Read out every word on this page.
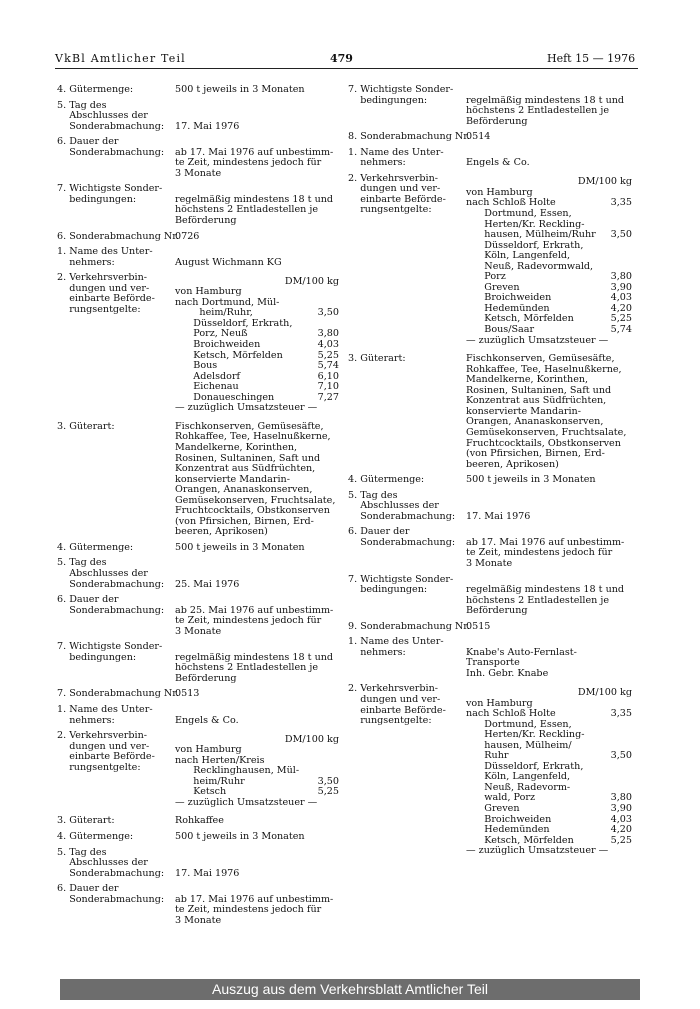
VkBl Amtlicher Teil	479	Heft 15 — 1976
4. Gütermenge:	500 t jeweils in 3 Monaten
5. Tag des
Abschlusses der
Sonderabmachung:

17. Mai 1976
6. Dauer der
Sonderabmachung:
ab 17. Mai 1976 auf unbestimm-
te Zeit, mindestens jedoch für
3 Monate
7. Wichtigste Sonder-
bedingungen:	
regelmäßig mindestens 18 t und
höchstens 2 Entladestellen je
Beförderung
6. Sonderabmachung Nr.
0726
1. Name des Unter-
nehmers:	
August Wichmann KG
2. Verkehrsverbin-
dungen und ver-
einbarte Beförde-
rungsentgelte:
DM/100 kg
von Hamburg
nach Dortmund, Mül-
heim/Ruhr,	3,50
Düsseldorf, Erkrath,
Porz, Neuß	3,80
Broichweiden	4,03
Ketsch, Mörfelden	5,25
Bous	5,74
Adelsdorf	6,10
Eichenau	7,10
Donaueschingen	7,27
— zuzüglich Umsatzsteuer —
3. Güterart:	Fischkonserven, Gemüsesäfte,
Rohkaffee, Tee, Haselnußkerne,
Mandelkerne, Korinthen,
Rosinen, Sultaninen, Saft und
Konzentrat aus Südfrüchten,
konservierte Mandarin-
Orangen, Ananaskonserven,
Gemüsekonserven, Fruchtsalate,
Fruchtcocktails, Obstkonserven
(von Pfirsichen, Birnen, Erd-
beeren, Aprikosen)
4. Gütermenge:	500 t jeweils in 3 Monaten
5. Tag des
Abschlusses der
Sonderabmachung:

25. Mai 1976
6. Dauer der
Sonderabmachung:
ab 25. Mai 1976 auf unbestimm-
te Zeit, mindestens jedoch für
3 Monate
7. Wichtigste Sonder-
bedingungen:	
regelmäßig mindestens 18 t und
höchstens 2 Entladestellen je
Beförderung
7. Sonderabmachung Nr.
0513
1. Name des Unter-
nehmers:	
Engels & Co.
2. Verkehrsverbin-
dungen und ver-
einbarte Beförde-
rungsentgelte:
DM/100 kg
von Hamburg
nach Herten/Kreis
Recklinghausen, Mül-
heim/Ruhr	3,50
Ketsch	5,25
— zuzüglich Umsatzsteuer —
3. Güterart:	Rohkaffee
4. Gütermenge:	500 t jeweils in 3 Monaten
5. Tag des
Abschlusses der
Sonderabmachung:

17. Mai 1976
6. Dauer der
Sonderabmachung:
ab 17. Mai 1976 auf unbestimm-
te Zeit, mindestens jedoch für
3 Monate
7. Wichtigste Sonder-
bedingungen:	
regelmäßig mindestens 18 t und
höchstens 2 Entladestellen je
Beförderung
8. Sonderabmachung Nr.
0514
1. Name des Unter-
nehmers:	
Engels & Co.
2. Verkehrsverbin-
dungen und ver-
einbarte Beförde-
rungsentgelte:
DM/100 kg
von Hamburg
nach Schloß Holte	3,35
Dortmund, Essen,
Herten/Kr. Reckling-
hausen, Mülheim/Ruhr	3,50
Düsseldorf, Erkrath,
Köln, Langenfeld,
Neuß, Radevormwald,
Porz	3,80
Greven	3,90
Broichweiden	4,03
Hedemünden	4,20
Ketsch, Mörfelden	5,25
Bous/Saar	5,74
— zuzüglich Umsatzsteuer —
3. Güterart:	Fischkonserven, Gemüsesäfte,
Rohkaffee, Tee, Haselnußkerne,
Mandelkerne, Korinthen,
Rosinen, Sultaninen, Saft und
Konzentrat aus Südfrüchten,
konservierte Mandarin-
Orangen, Ananaskonserven,
Gemüsekonserven, Fruchtsalate,
Fruchtcocktails, Obstkonserven
(von Pfirsichen, Birnen, Erd-
beeren, Aprikosen)
4. Gütermenge:	500 t jeweils in 3 Monaten
5. Tag des
Abschlusses der
Sonderabmachung:

17. Mai 1976
6. Dauer der
Sonderabmachung:
ab 17. Mai 1976 auf unbestimm-
te Zeit, mindestens jedoch für
3 Monate
7. Wichtigste Sonder-
bedingungen:	
regelmäßig mindestens 18 t und
höchstens 2 Entladestellen je
Beförderung
9. Sonderabmachung Nr.
0515
1. Name des Unter-
nehmers:	
Knabe's Auto-Fernlast-
Transporte
Inh. Gebr. Knabe
2. Verkehrsverbin-
dungen und ver-
einbarte Beförde-
rungsentgelte:
DM/100 kg
von Hamburg
nach Schloß Holte	3,35
Dortmund, Essen,
Herten/Kr. Reckling-
hausen, Mülheim/
Ruhr	3,50
Düsseldorf, Erkrath,
Köln, Langenfeld,
Neuß, Radevorm-
wald, Porz	3,80
Greven	3,90
Broichweiden	4,03
Hedemünden	4,20
Ketsch, Mörfelden	5,25
— zuzüglich Umsatzsteuer —
Auszug aus dem Verkehrsblatt Amtlicher Teil
